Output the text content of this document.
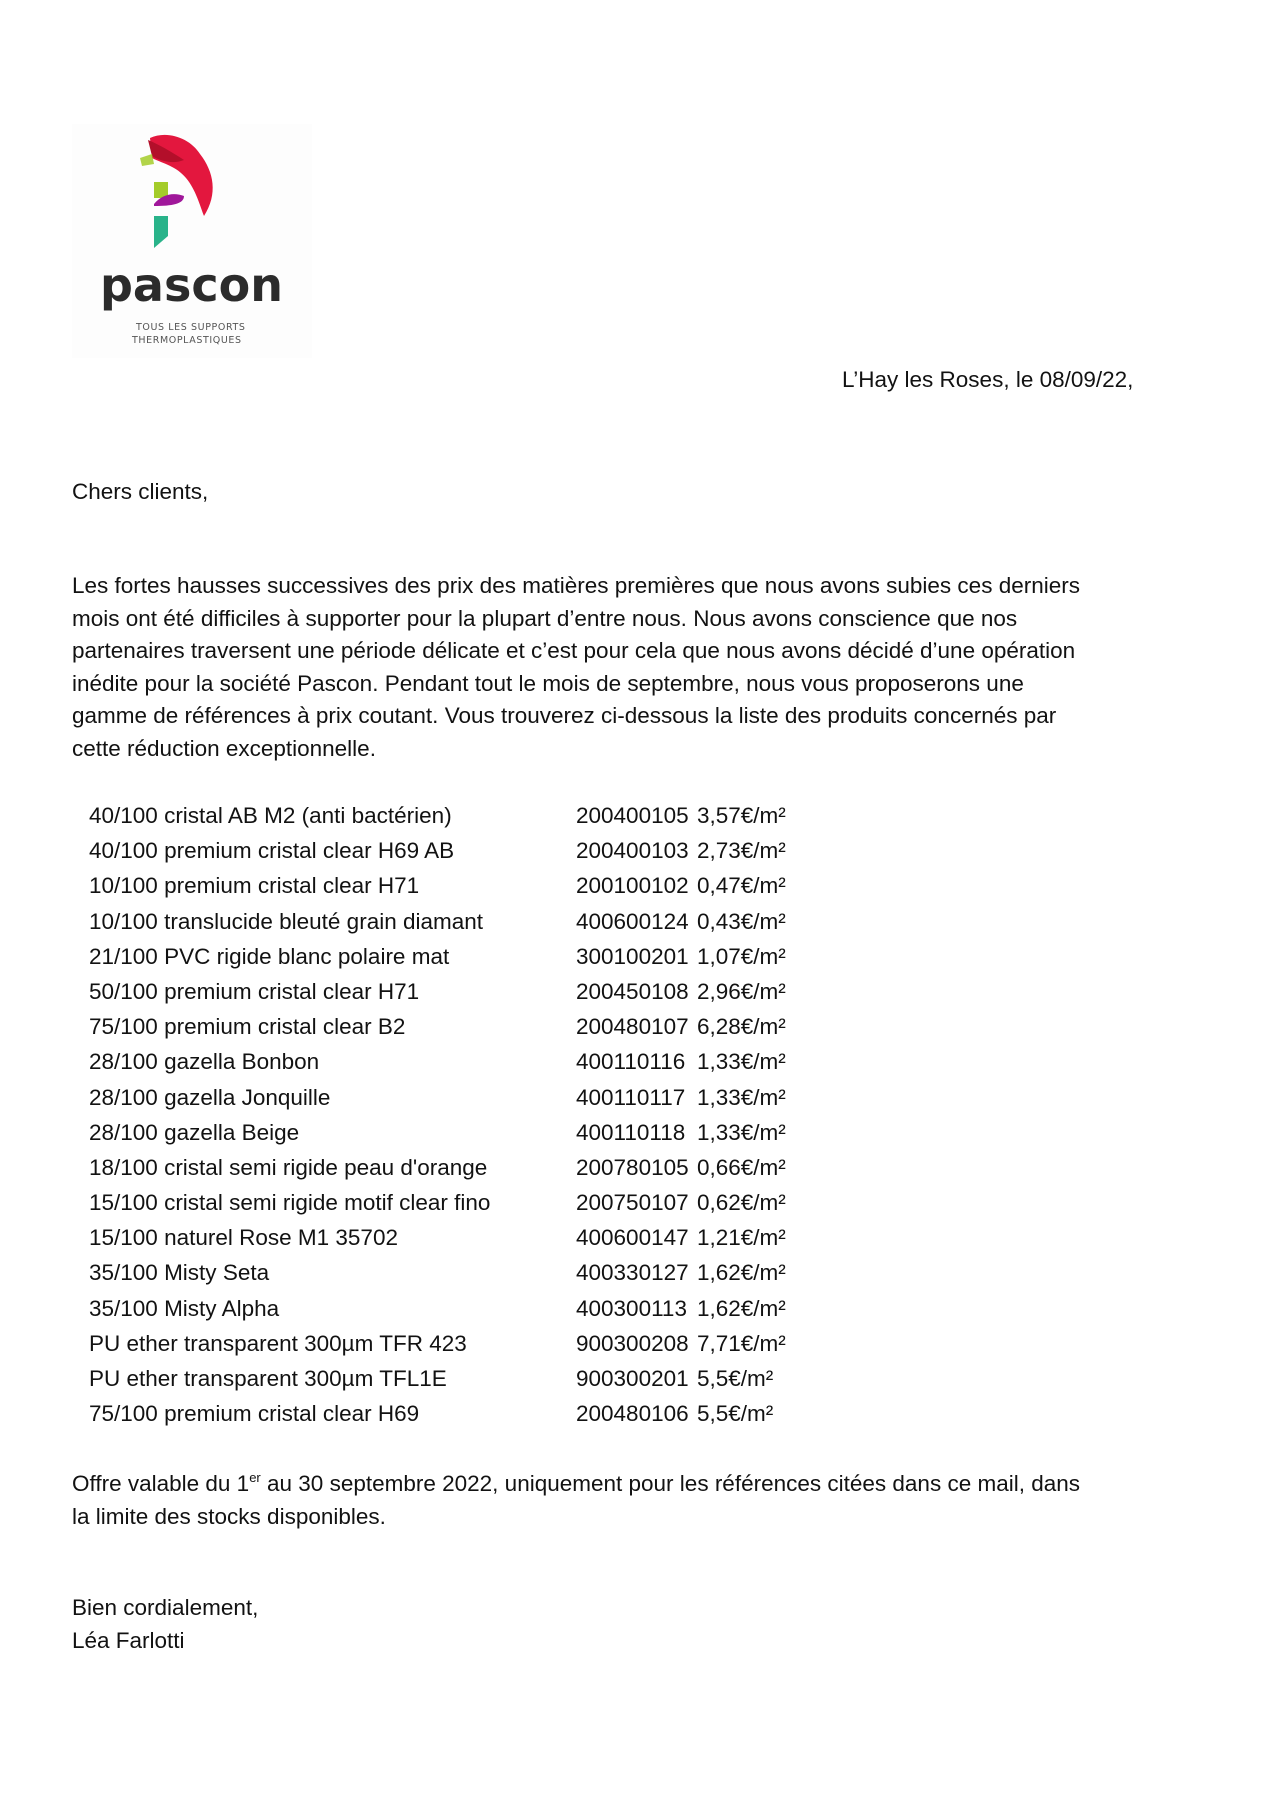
pascon
TOUS LES SUPPORTS
THERMOPLASTIQUES
L’Hay les Roses, le 08/09/22,
Chers clients,
Les fortes hausses successives des prix des matières premières que nous avons subies ces derniers
mois ont été difficiles à supporter pour la plupart d’entre nous. Nous avons conscience que nos
partenaires traversent une période délicate et c’est pour cela que nous avons décidé d’une opération
inédite pour la société Pascon. Pendant tout le mois de septembre, nous vous proposerons une
gamme de références à prix coutant. Vous trouverez ci-dessous la liste des produits concernés par
cette réduction exceptionnelle.
40/100 cristal AB M2 (anti bactérien)	200400105 3,57€/m²
40/100 premium cristal clear H69 AB	200400103 2,73€/m²
10/100 premium cristal clear H71	200100102 0,47€/m²
10/100 translucide bleuté grain diamant	400600124 0,43€/m²
21/100 PVC rigide blanc polaire mat	300100201 1,07€/m²
50/100 premium cristal clear H71	200450108 2,96€/m²
75/100 premium cristal clear B2	200480107 6,28€/m²
28/100 gazella Bonbon	400110116 1,33€/m²
28/100 gazella Jonquille	400110117 1,33€/m²
28/100 gazella Beige	400110118 1,33€/m²
18/100 cristal semi rigide peau d'orange	200780105 0,66€/m²
15/100 cristal semi rigide motif clear fino	200750107 0,62€/m²
15/100 naturel Rose M1 35702	400600147 1,21€/m²
35/100 Misty Seta	400330127 1,62€/m²
35/100 Misty Alpha	400300113 1,62€/m²
PU ether transparent 300µm TFR 423	900300208 7,71€/m²
PU ether transparent 300µm TFL1E	900300201 5,5€/m²
75/100 premium cristal clear H69	200480106 5,5€/m²
Offre valable du 1er au 30 septembre 2022, uniquement pour les références citées dans ce mail, dans
la limite des stocks disponibles.
Bien cordialement,
Léa Farlotti
